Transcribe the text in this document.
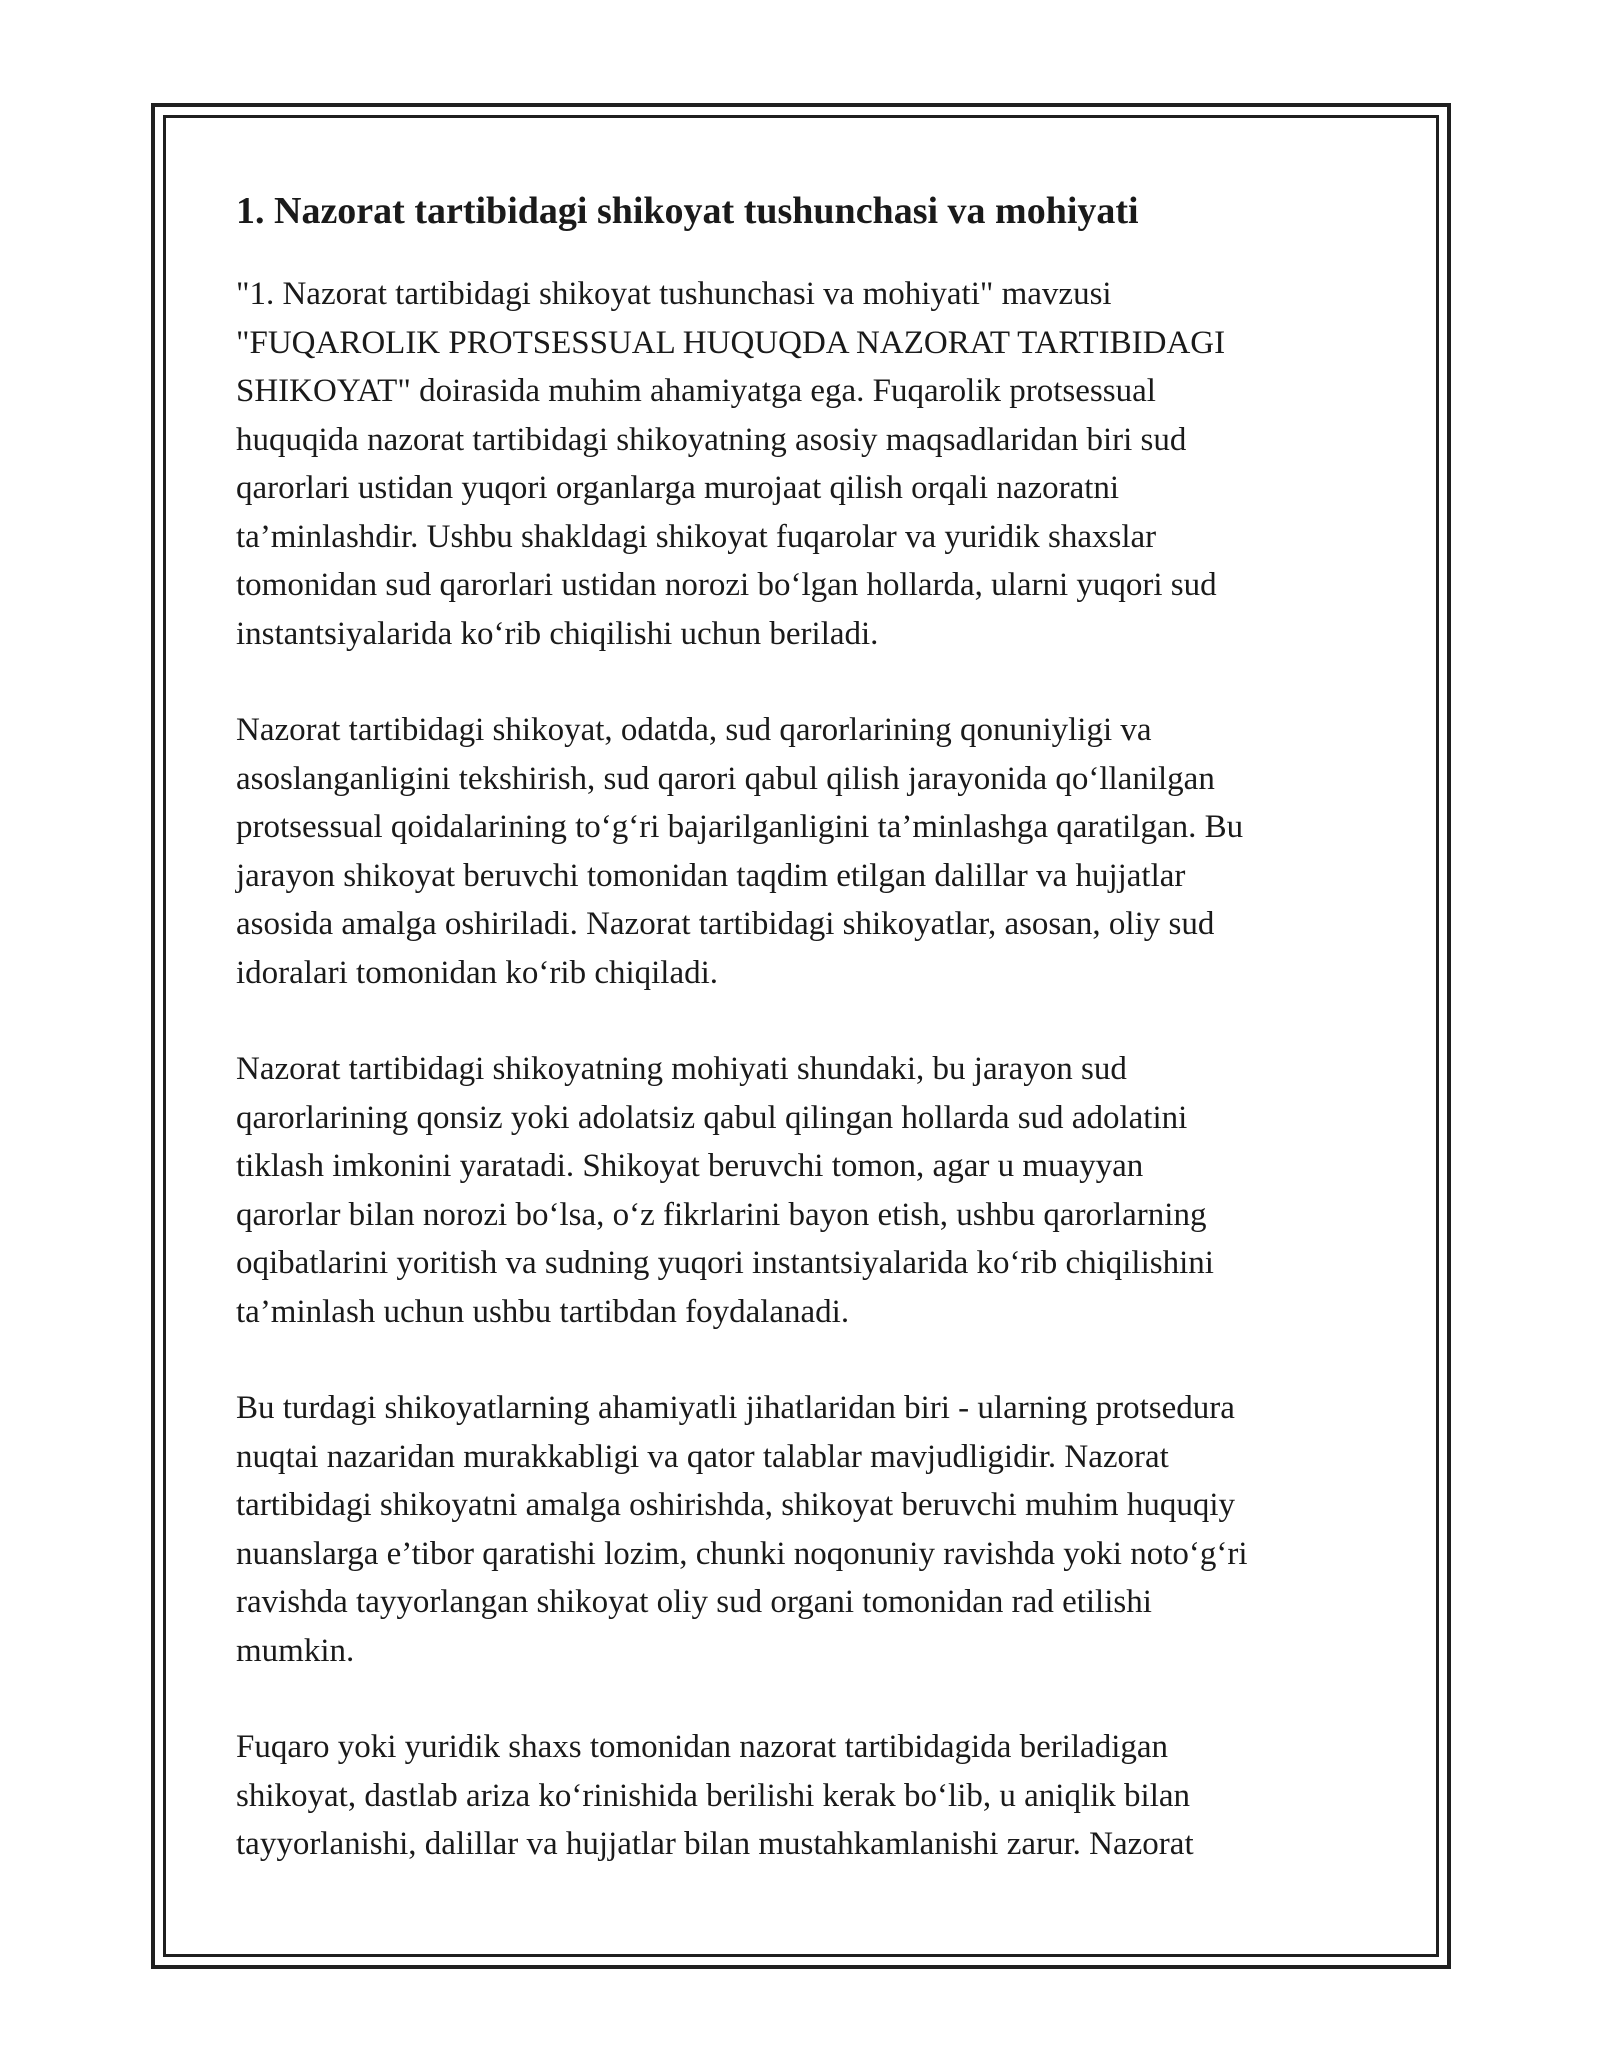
1. Nazorat tartibidagi shikoyat tushunchasi va mohiyati

"1. Nazorat tartibidagi shikoyat tushunchasi va mohiyati" mavzusi
"FUQAROLIK PROTSESSUAL HUQUQDA NAZORAT TARTIBIDAGI
SHIKOYAT" doirasida muhim ahamiyatga ega. Fuqarolik protsessual
huquqida nazorat tartibidagi shikoyatning asosiy maqsadlaridan biri sud
qarorlari ustidan yuqori organlarga murojaat qilish orqali nazoratni
ta’minlashdir. Ushbu shakldagi shikoyat fuqarolar va yuridik shaxslar
tomonidan sud qarorlari ustidan norozi bo‘lgan hollarda, ularni yuqori sud
instantsiyalarida ko‘rib chiqilishi uchun beriladi.

Nazorat tartibidagi shikoyat, odatda, sud qarorlarining qonuniyligi va
asoslanganligini tekshirish, sud qarori qabul qilish jarayonida qo‘llanilgan
protsessual qoidalarining to‘g‘ri bajarilganligini ta’minlashga qaratilgan. Bu
jarayon shikoyat beruvchi tomonidan taqdim etilgan dalillar va hujjatlar
asosida amalga oshiriladi. Nazorat tartibidagi shikoyatlar, asosan, oliy sud
idoralari tomonidan ko‘rib chiqiladi.

Nazorat tartibidagi shikoyatning mohiyati shundaki, bu jarayon sud
qarorlarining qonsiz yoki adolatsiz qabul qilingan hollarda sud adolatini
tiklash imkonini yaratadi. Shikoyat beruvchi tomon, agar u muayyan
qarorlar bilan norozi bo‘lsa, o‘z fikrlarini bayon etish, ushbu qarorlarning
oqibatlarini yoritish va sudning yuqori instantsiyalarida ko‘rib chiqilishini
ta’minlash uchun ushbu tartibdan foydalanadi.

Bu turdagi shikoyatlarning ahamiyatli jihatlaridan biri - ularning protsedura
nuqtai nazaridan murakkabligi va qator talablar mavjudligidir. Nazorat
tartibidagi shikoyatni amalga oshirishda, shikoyat beruvchi muhim huquqiy
nuanslarga e’tibor qaratishi lozim, chunki noqonuniy ravishda yoki noto‘g‘ri
ravishda tayyorlangan shikoyat oliy sud organi tomonidan rad etilishi
mumkin.

Fuqaro yoki yuridik shaxs tomonidan nazorat tartibidagida beriladigan
shikoyat, dastlab ariza ko‘rinishida berilishi kerak bo‘lib, u aniqlik bilan
tayyorlanishi, dalillar va hujjatlar bilan mustahkamlanishi zarur. Nazorat
